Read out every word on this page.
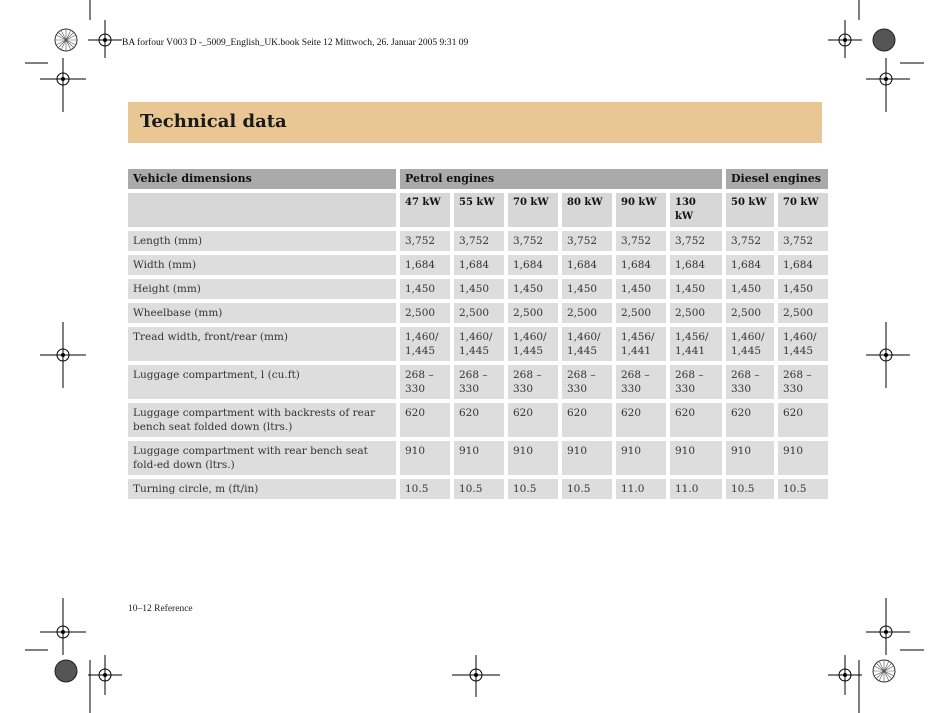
BA forfour V003 D -_5009_English_UK.book Seite 12 Mittwoch, 26. Januar 2005 9:31 09
Technical data
Vehicle dimensions	Petrol engines						Diesel engines	
	47 kW	55 kW	70 kW	80 kW	90 kW	130 kW	50 kW	70 kW
Length (mm)	3,752	3,752	3,752	3,752	3,752	3,752	3,752	3,752
Width (mm)	1,684	1,684	1,684	1,684	1,684	1,684	1,684	1,684
Height (mm)	1,450	1,450	1,450	1,450	1,450	1,450	1,450	1,450
Wheelbase (mm)	2,500	2,500	2,500	2,500	2,500	2,500	2,500	2,500
Tread width, front/rear (mm)	1,460/ 1,445	1,460/ 1,445	1,460/ 1,445	1,460/ 1,445	1,456/ 1,441	1,456/ 1,441	1,460/ 1,445	1,460/ 1,445
Luggage compartment, l (cu.ft)	268 – 330	268 – 330	268 – 330	268 – 330	268 – 330	268 – 330	268 – 330	268 – 330
Luggage compartment with backrests of rear bench seat folded down (ltrs.)	620	620	620	620	620	620	620	620
Luggage compartment with rear bench seat fold-ed down (ltrs.)	910	910	910	910	910	910	910	910
Turning circle, m (ft/in)	10.5	10.5	10.5	10.5	11.0	11.0	10.5	10.5
10–12 Reference
